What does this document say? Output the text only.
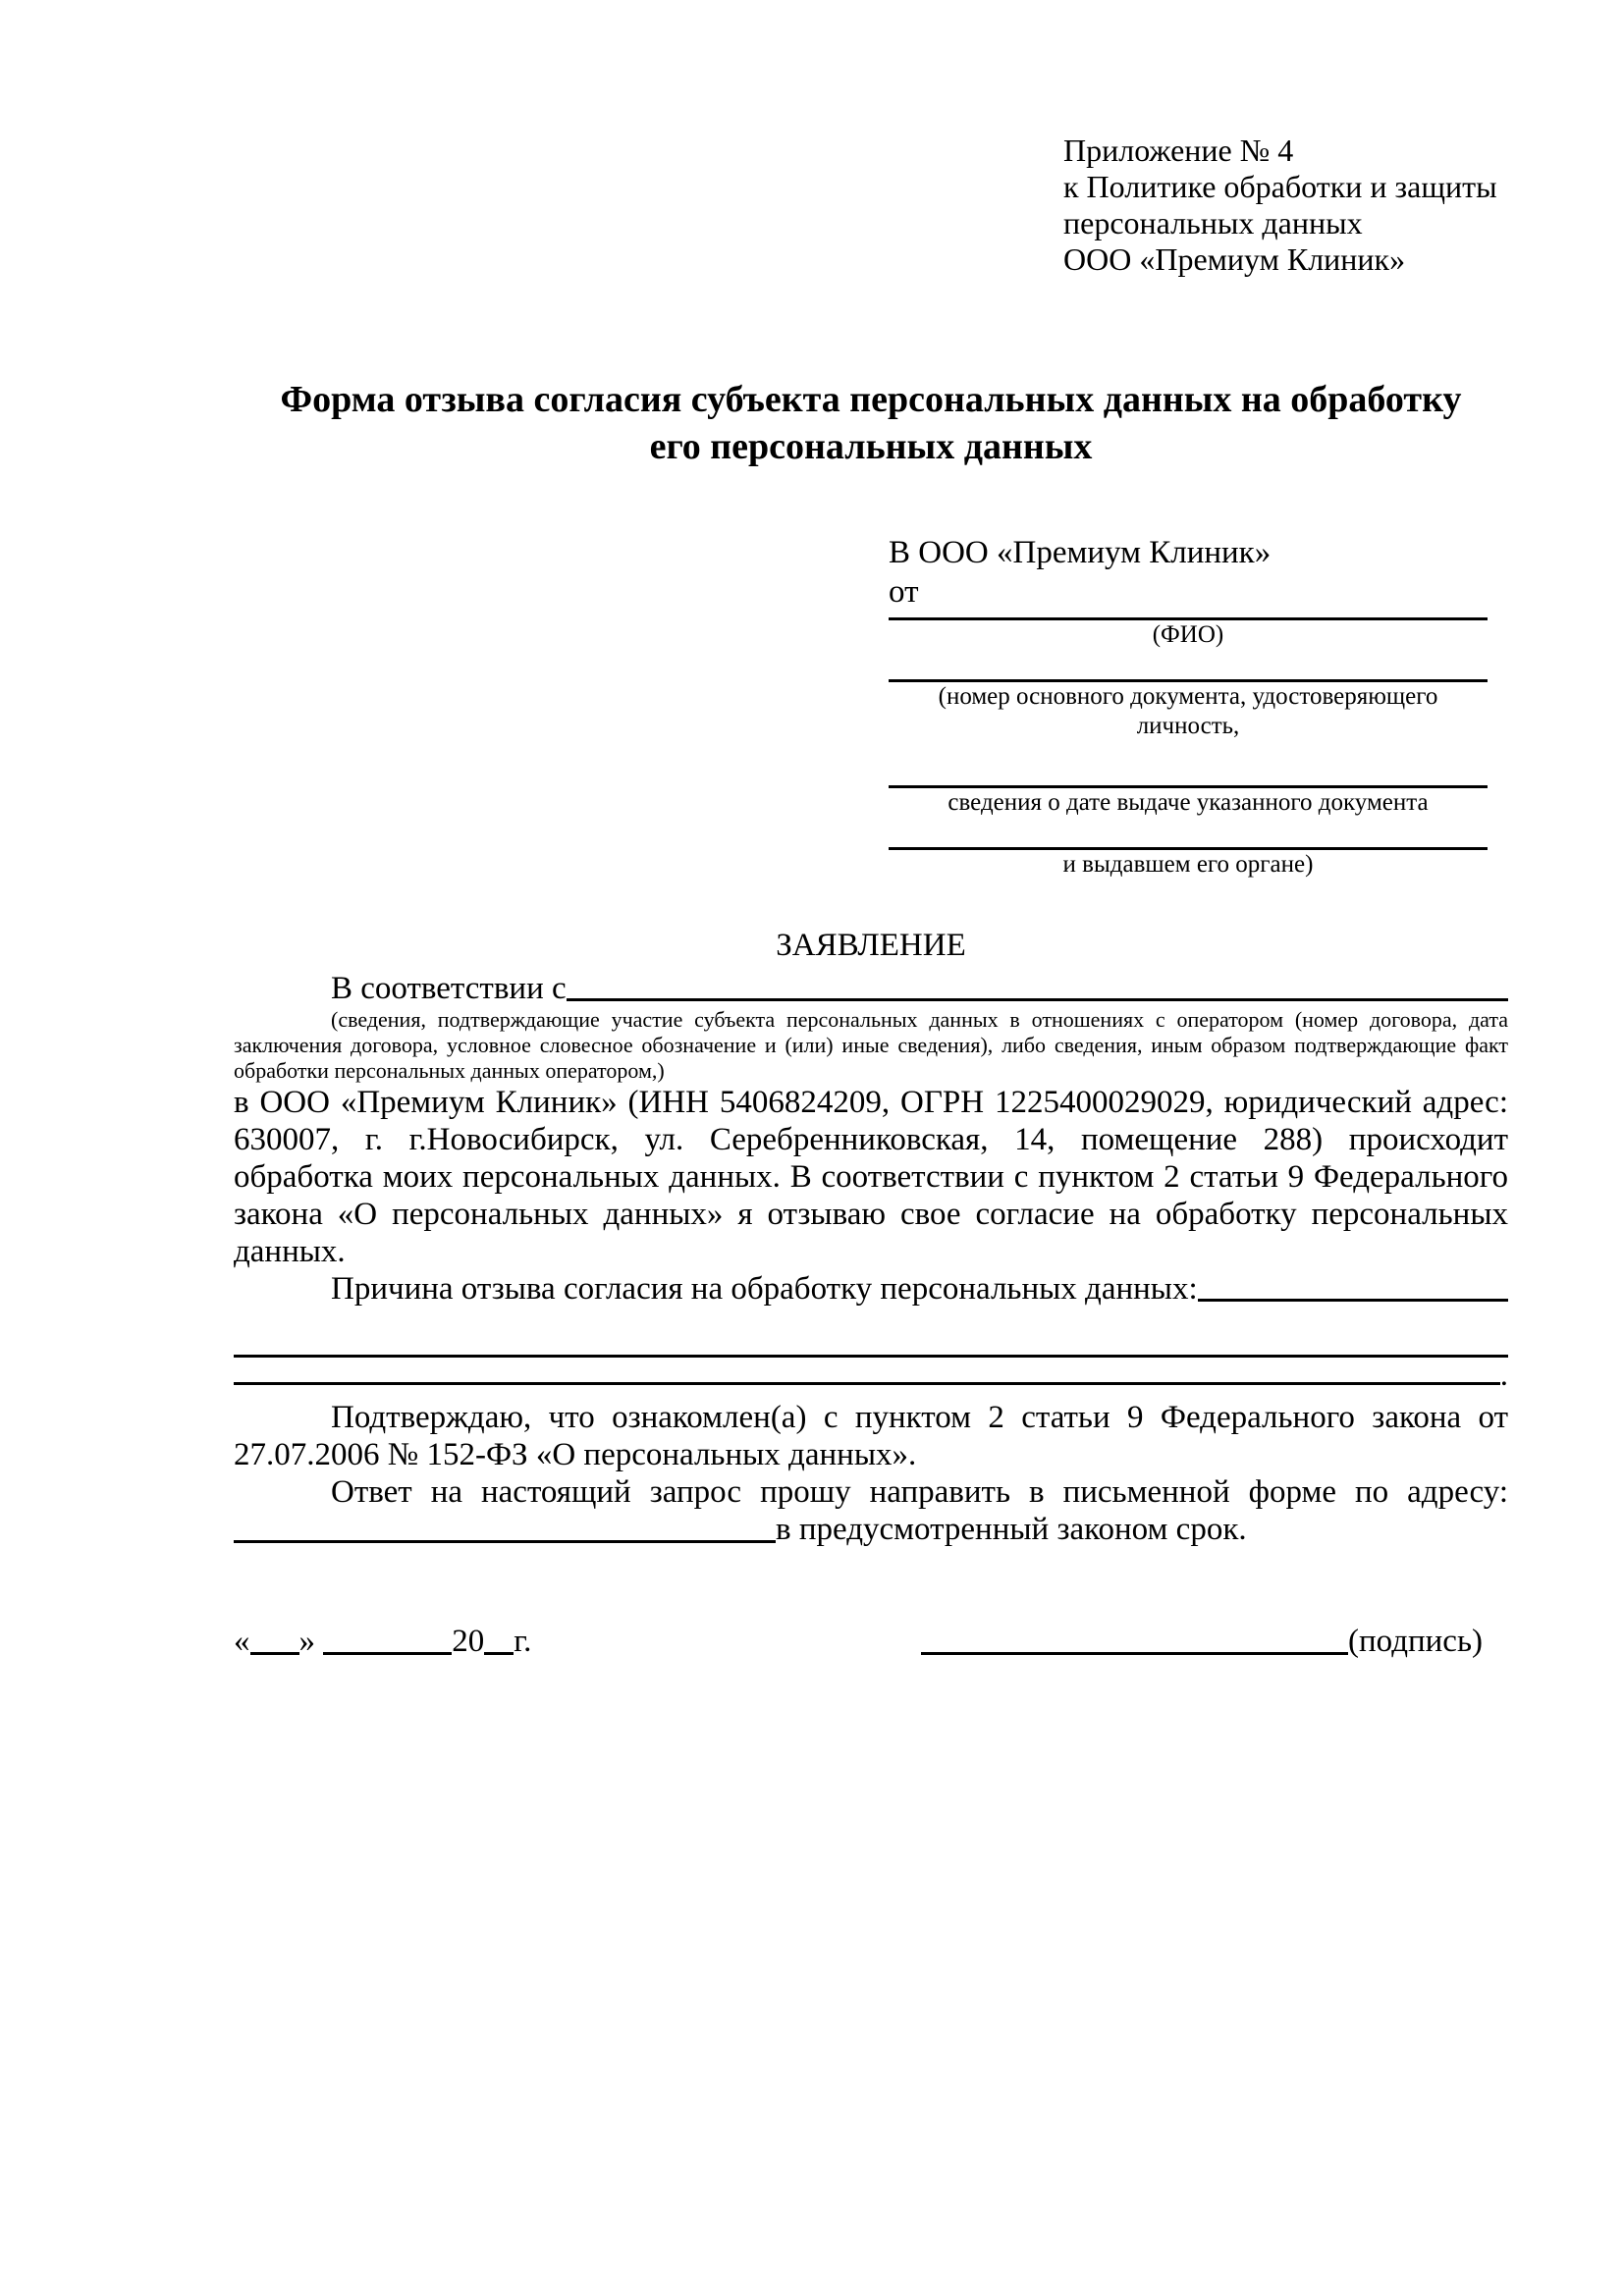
Приложение № 4
к Политике обработки и защиты
персональных данных
ООО «Премиум Клиник»
Форма отзыва согласия субъекта персональных данных на обработку
его персональных данных
В ООО «Премиум Клиник»
от
(ФИО)
(номер основного документа, удостоверяющего личность,
сведения о дате выдаче указанного документа
и выдавшем его органе)
ЗАЯВЛЕНИЕ
В соответствии с
(сведения, подтверждающие участие субъекта персональных данных в отношениях с оператором (номер договора, дата заключения договора, условное словесное обозначение и (или) иные сведения), либо сведения, иным образом подтверждающие факт обработки персональных данных оператором,)
в ООО «Премиум Клиник» (ИНН 5406824209, ОГРН 1225400029029, юридический адрес: 630007, г. г.Новосибирск, ул. Серебренниковская, 14, помещение 288) происходит обработка моих персональных данных. В соответствии с пунктом 2 статьи 9 Федерального закона «О персональных данных» я отзываю свое согласие на обработку персональных данных.
Причина отзыва согласия на обработку персональных данных:
.
Подтверждаю, что ознакомлен(а) с пунктом 2 статьи 9 Федерального закона от 27.07.2006 № 152-ФЗ «О персональных данных».
Ответ на настоящий запрос прошу направить в письменной форме по адресу:
в предусмотренный законом срок.
« »	20 г.	(подпись)
